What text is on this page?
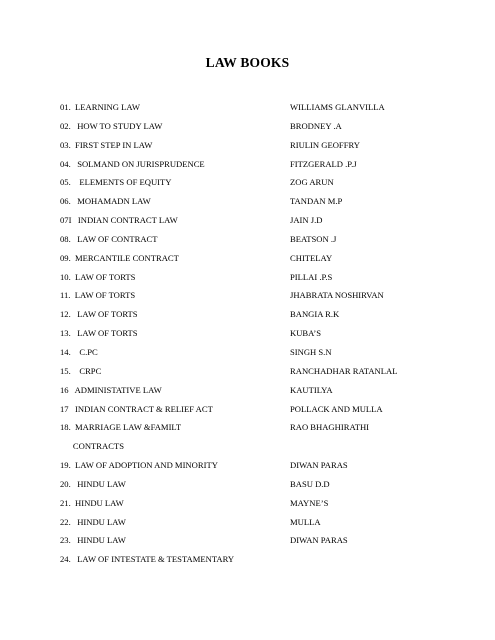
LAW BOOKS
01.  LEARNING LAW	WILLIAMS GLANVILLA
02.   HOW TO STUDY LAW	BRODNEY .A
03.  FIRST STEP IN LAW	RIULIN GEOFFRY
04.   SOLMAND ON JURISPRUDENCE	FITZGERALD .P.J
05.    ELEMENTS OF EQUITY	ZOG ARUN
06.   MOHAMADN LAW	TANDAN M.P
07I   INDIAN CONTRACT LAW	JAIN J.D
08.   LAW OF CONTRACT	BEATSON .J
09.  MERCANTILE CONTRACT	CHITELAY
10.  LAW OF TORTS	PILLAI .P.S
11.  LAW OF TORTS	JHABRATA NOSHIRVAN
12.   LAW OF TORTS	BANGIA R.K
13.   LAW OF TORTS	KUBA’S
14.    C.PC	SINGH S.N
15.    CRPC	RANCHADHAR RATANLAL
16   ADMINISTATIVE LAW	KAUTILYA
17   INDIAN CONTRACT & RELIEF ACT	POLLACK AND MULLA
18.  MARRIAGE LAW &FAMILT	RAO BHAGHIRATHI
CONTRACTS
19.  LAW OF ADOPTION AND MINORITY	DIWAN PARAS
20.   HINDU LAW	BASU D.D
21.  HINDU LAW	MAYNE’S
22.   HINDU LAW	MULLA
23.   HINDU LAW	DIWAN PARAS
24.   LAW OF INTESTATE & TESTAMENTARY
